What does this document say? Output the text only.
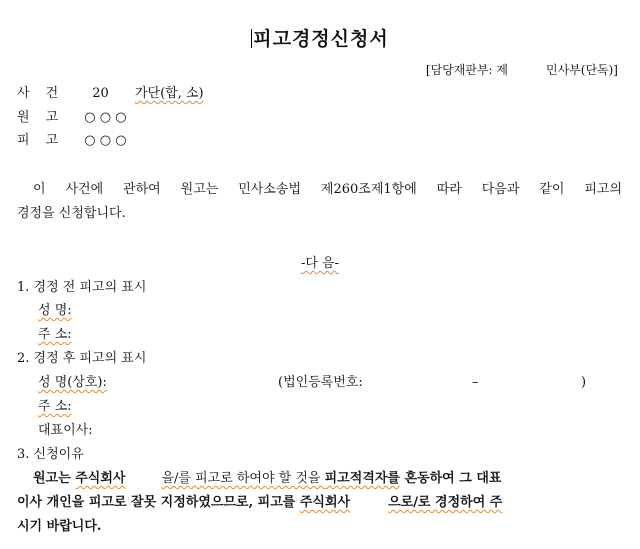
피고경정신청서
[담당재판부: 제	민사부(단독)]
사 건	20 가단(합, 소)
원 고 ○ ○ ○
피 고 ○ ○ ○
이 사건에 관하여 원고는 민사소송법 제260조제1항에 따라 다음과 같이 피고의
경정을 신청합니다.
-다 음-
1. 경정 전 피고의 표시
성 명:
주 소:
2. 경정 후 피고의 표시
성 명(상호):	(법인등록번호:	–	)
주 소:
대표이사:
3. 신청이유
원고는 주식회사	을/를 피고로 하여야 할 것을 피고적격자를 혼동하여 그 대표
이사 개인을 피고로 잘못 지정하였으므로, 피고를 주식회사	으로/로 경정하여 주
시기 바랍니다.
